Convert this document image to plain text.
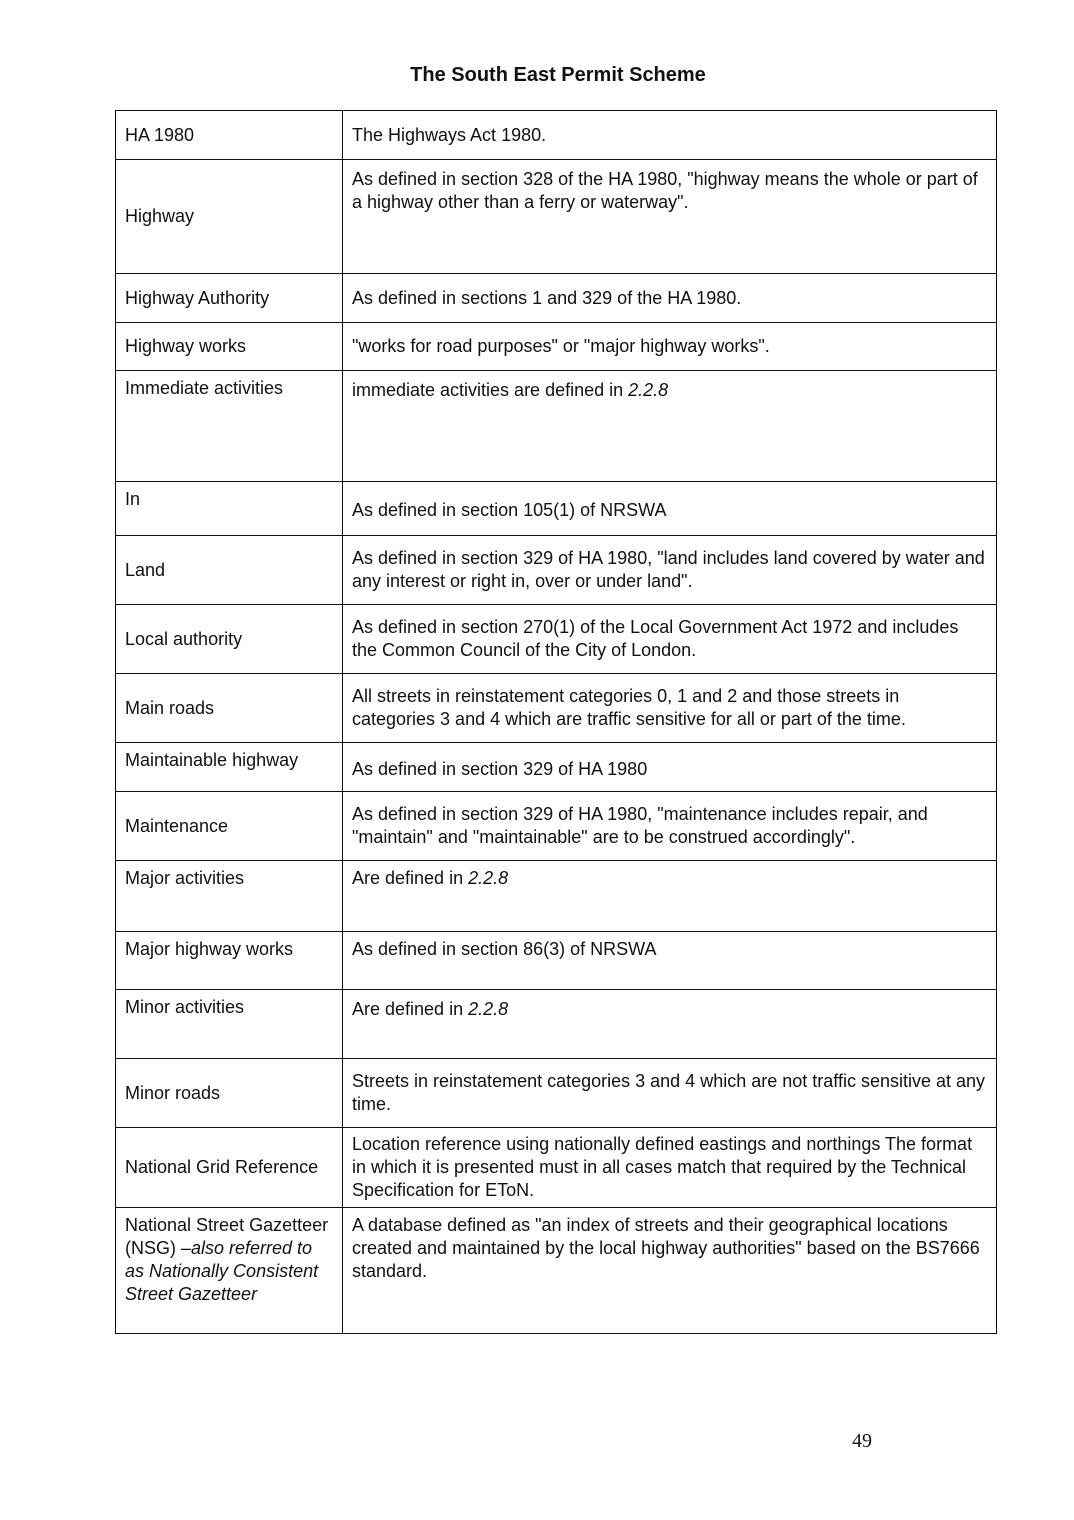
The South East Permit Scheme
HA 1980	The Highways Act 1980.
Highway	As defined in section 328 of the HA 1980, "highway means the whole or part of a highway other than a ferry or waterway".
Highway Authority	As defined in sections 1 and 329 of the HA 1980.
Highway works	"works for road purposes" or "major highway works".
Immediate activities	immediate activities are defined in 2.2.8
In	As defined in section 105(1) of NRSWA
Land	As defined in section 329 of HA 1980, "land includes land covered by water and any interest or right in, over or under land".
Local authority	As defined in section 270(1) of the Local Government Act 1972 and includes the Common Council of the City of London.
Main roads	All streets in reinstatement categories 0, 1 and 2 and those streets in categories 3 and 4 which are traffic sensitive for all or part of the time.
Maintainable highway	As defined in section 329 of HA 1980
Maintenance	As defined in section 329 of HA 1980, "maintenance includes repair, and "maintain" and "maintainable" are to be construed accordingly".
Major activities	Are defined in 2.2.8
Major highway works	As defined in section 86(3) of NRSWA
Minor activities	Are defined in 2.2.8
Minor roads	Streets in reinstatement categories 3 and 4 which are not traffic sensitive at any time.
National Grid Reference	Location reference using nationally defined eastings and northings The format in which it is presented must in all cases match that required by the Technical Specification for EToN.
National Street Gazetteer (NSG) –also referred to as Nationally Consistent Street Gazetteer	A database defined as "an index of streets and their geographical locations created and maintained by the local highway authorities" based on the BS7666 standard.

49
